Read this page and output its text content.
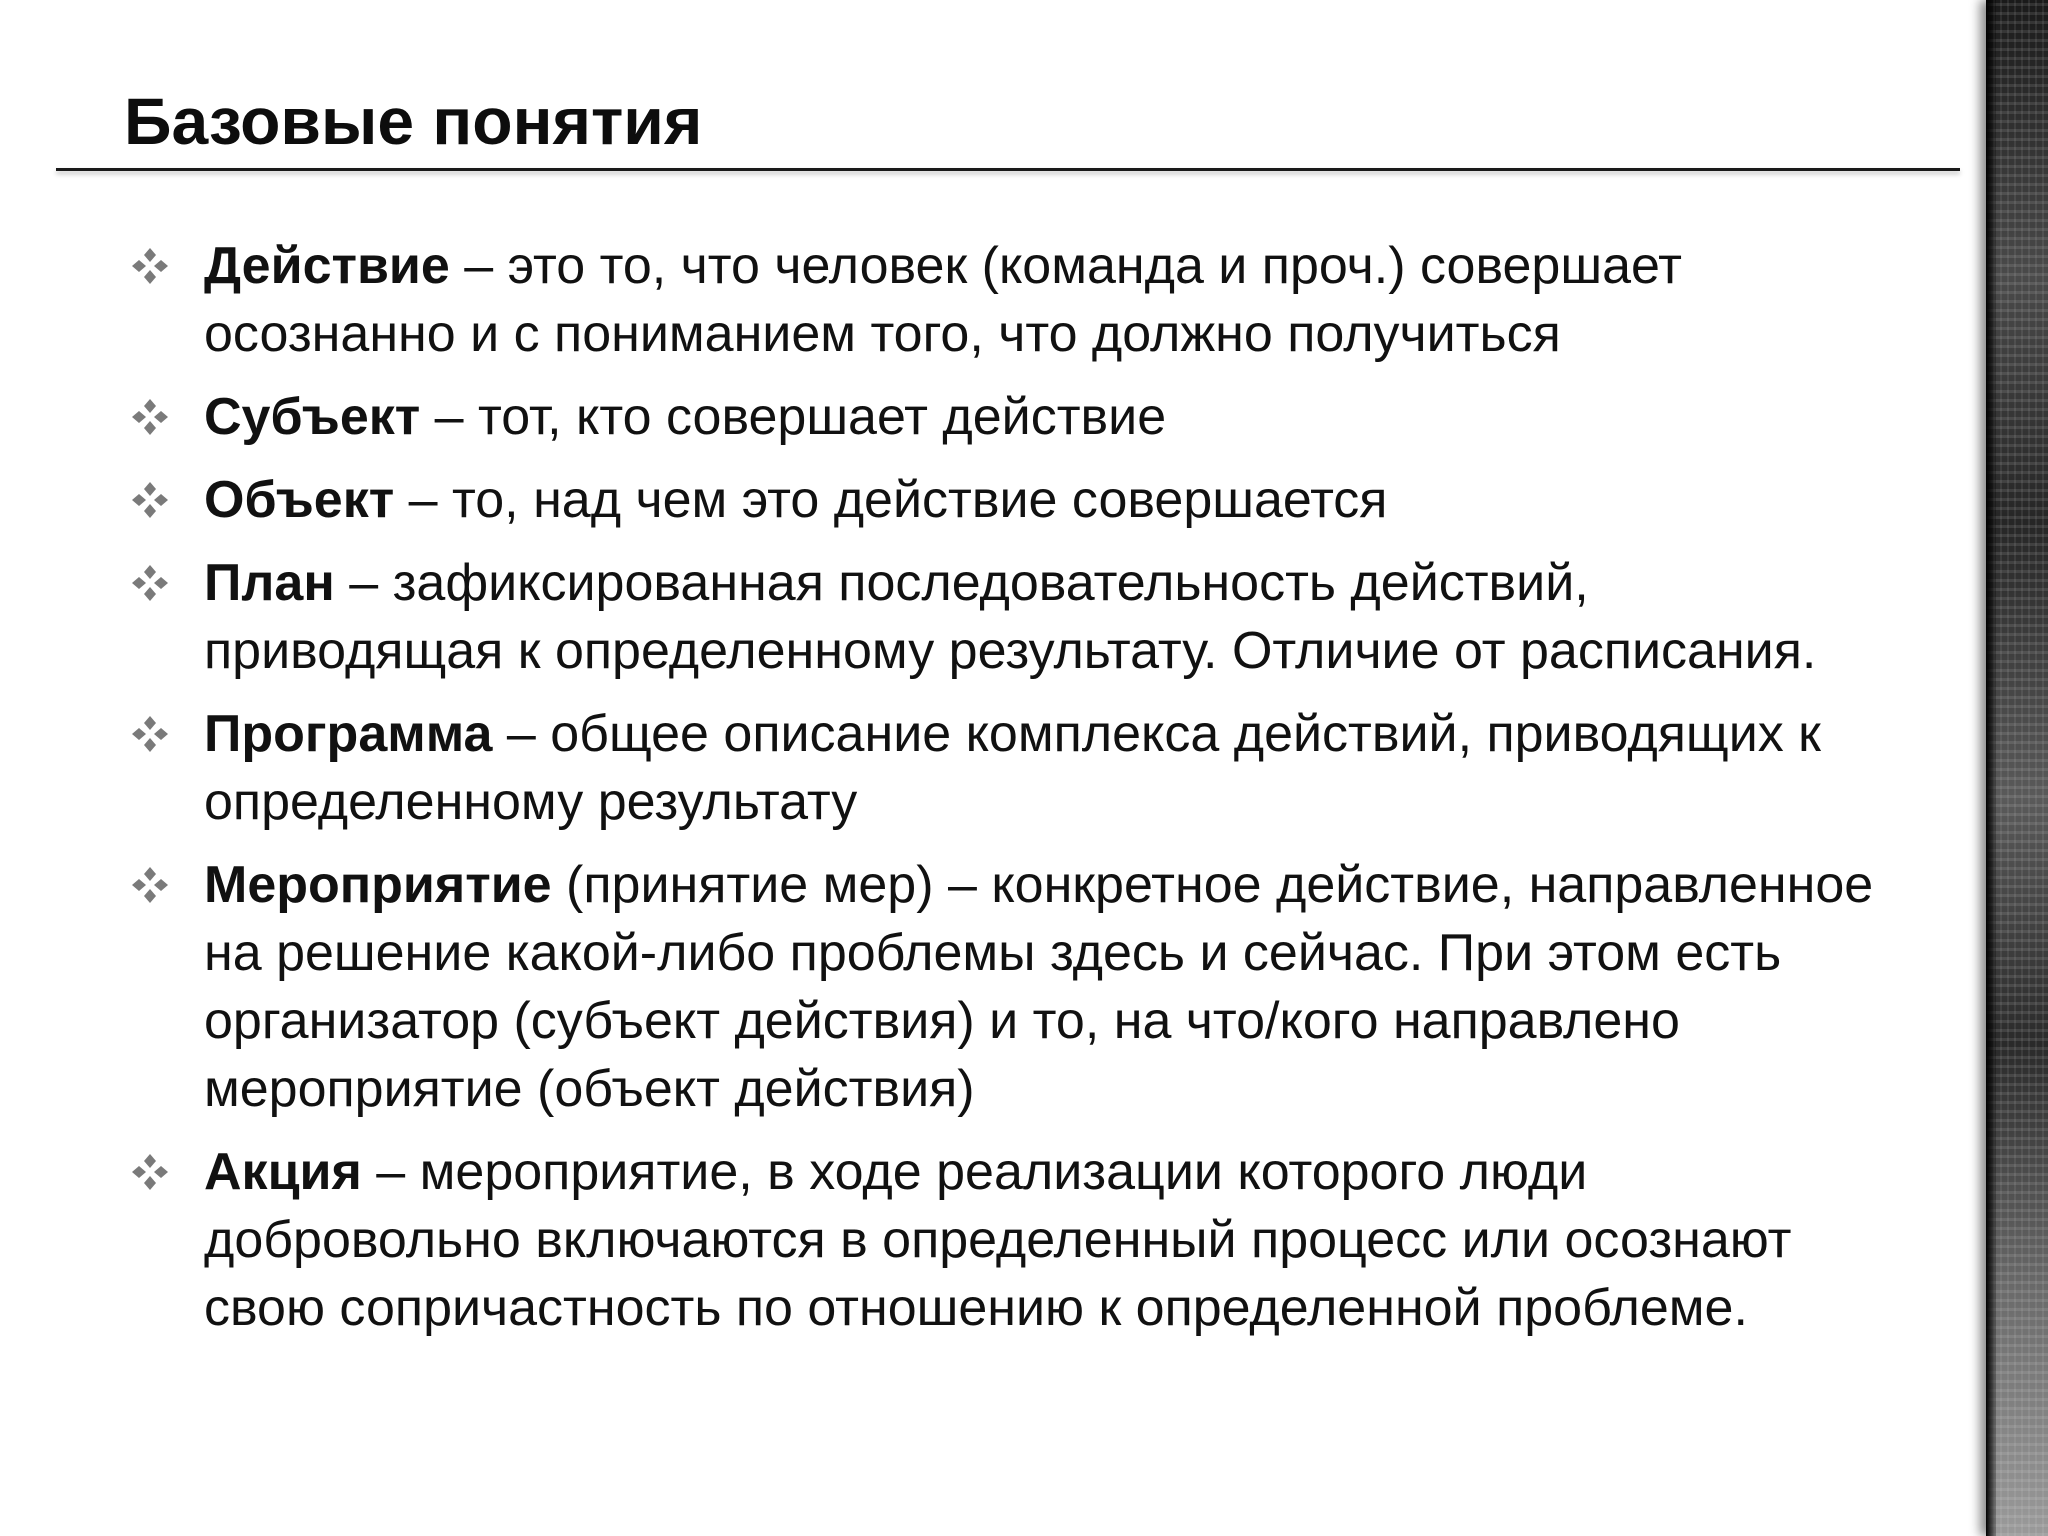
Базовые понятия
Действие – это то, что человек (команда и проч.) совершает осознанно и с пониманием того, что должно получиться
Субъект – тот, кто совершает действие
Объект – то, над чем это действие совершается
План – зафиксированная последовательность действий, приводящая к определенному результату. Отличие от расписания.
Программа – общее описание комплекса действий, приводящих к определенному результату
Мероприятие (принятие мер) – конкретное действие, направленное на решение какой-либо проблемы здесь и сейчас. При этом есть организатор (субъект действия) и то, на что/кого направлено мероприятие (объект действия)
Акция – мероприятие, в ходе реализации которого люди добровольно включаются в определенный процесс или осознают свою сопричастность по отношению к определенной проблеме.
